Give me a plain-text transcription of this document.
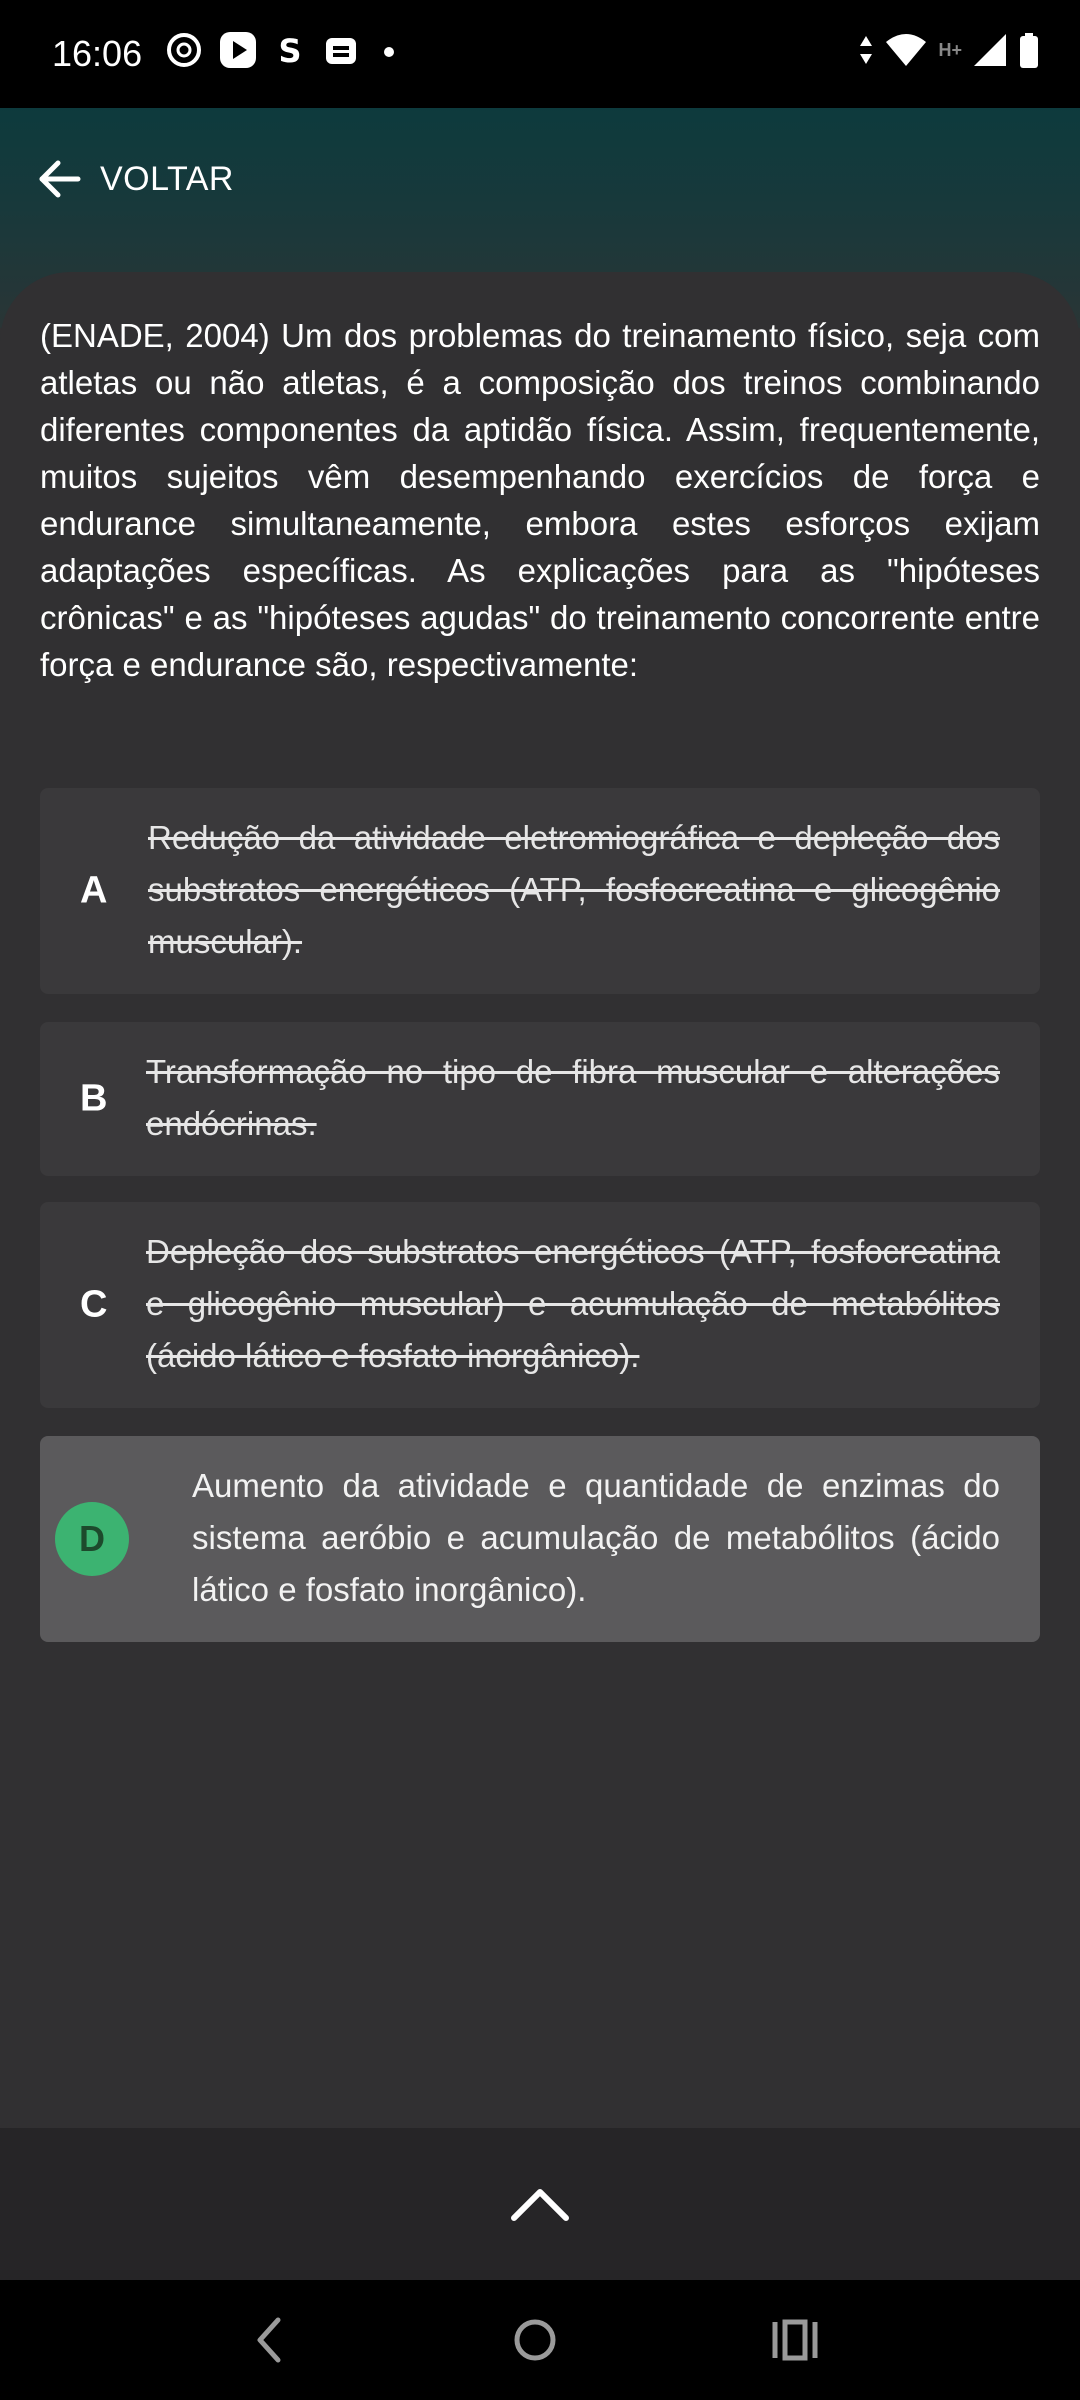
16:06	S	H+
VOLTAR
(ENADE, 2004) Um dos problemas do treinamento físico, seja com atletas ou não atletas, é a composição dos treinos combinando diferentes componentes da aptidão física. Assim, frequentemente, muitos sujeitos vêm desempenhando exercícios de força e endurance simultaneamente, embora estes esforços exijam adaptações específicas. As explicações para as "hipóteses crônicas" e as "hipóteses agudas" do treinamento concorrente entre força e endurance são, respectivamente:
A
Redução da atividade eletromiográfica e depleção dos substratos energéticos (ATP, fosfocreatina e glicogênio muscular).
B
Transformação no tipo de fibra muscular e alterações endócrinas.
C
Depleção dos substratos energéticos (ATP, fosfocreatina e glicogênio muscular) e acumulação de metabólitos (ácido lático e fosfato inorgânico).
D
Aumento da atividade e quantidade de enzimas do sistema aeróbio e acumulação de metabólitos (ácido lático e fosfato inorgânico).
